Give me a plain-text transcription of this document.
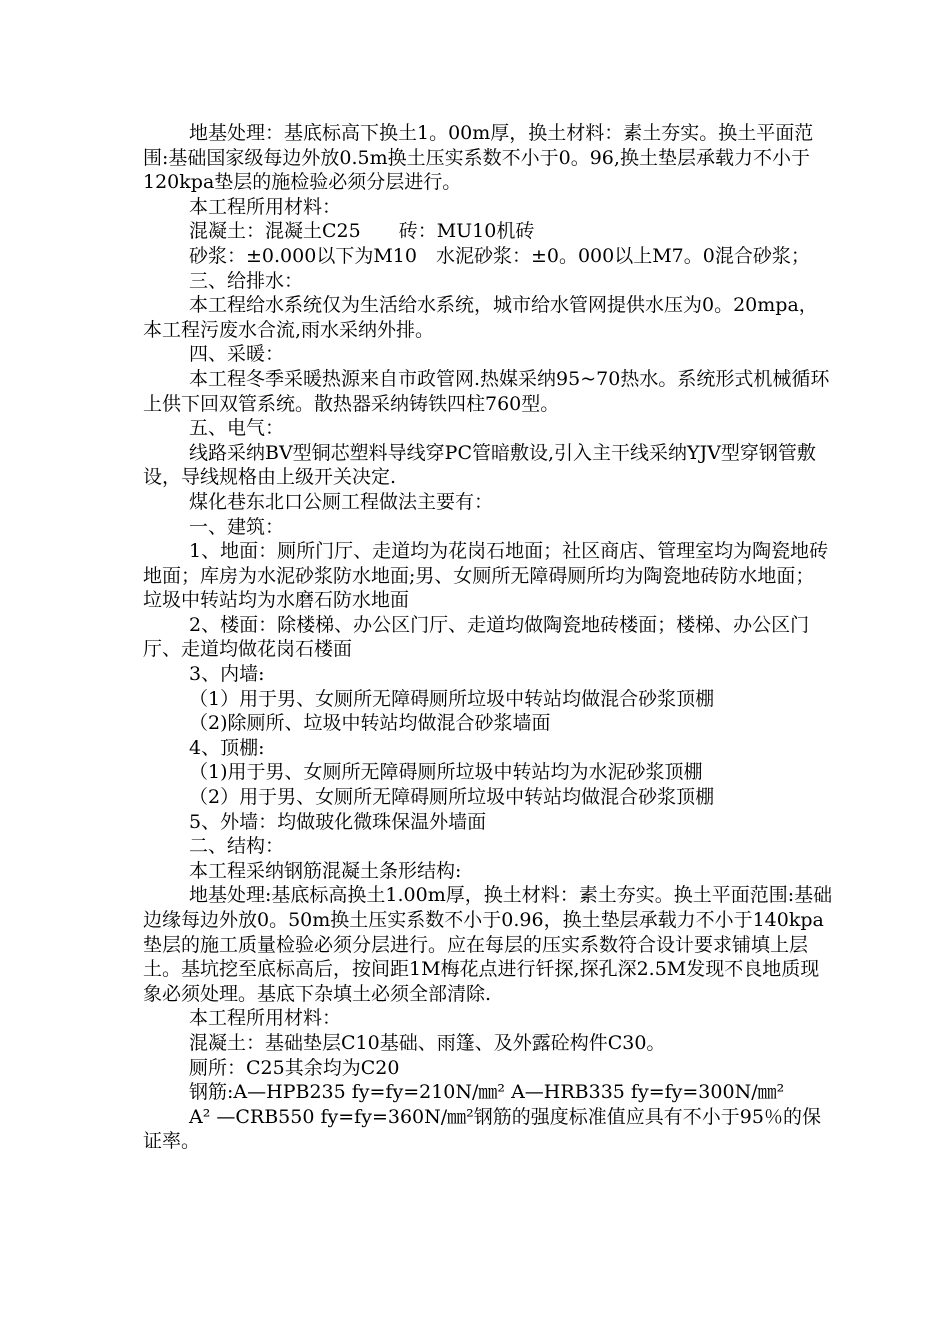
地基处理：基底标高下换土1。00m厚，换土材料：素土夯实。换土平面范围:基础国家级每边外放0.5m换土压实系数不小于0。96,换土垫层承载力不小于120kpa垫层的施检验必须分层进行。

本工程所用材料：

混凝土：混凝土C25　　砖：MU10机砖

砂浆：±0.000以下为M10　水泥砂浆：±0。000以上M7。0混合砂浆；

三、给排水：

本工程给水系统仅为生活给水系统，城市给水管网提供水压为0。20mpa，本工程污废水合流,雨水采纳外排。

四、采暖：

本工程冬季采暖热源来自市政管网.热媒采纳95~70热水。系统形式机械循环上供下回双管系统。散热器采纳铸铁四柱760型。

五、电气：

线路采纳BV型铜芯塑料导线穿PC管暗敷设,引入主干线采纳YJV型穿钢管敷设，导线规格由上级开关决定.

煤化巷东北口公厕工程做法主要有：

一、建筑：

1、地面：厕所门厅、走道均为花岗石地面；社区商店、管理室均为陶瓷地砖地面；库房为水泥砂浆防水地面;男、女厕所无障碍厕所均为陶瓷地砖防水地面；垃圾中转站均为水磨石防水地面

2、楼面：除楼梯、办公区门厅、走道均做陶瓷地砖楼面；楼梯、办公区门厅、走道均做花岗石楼面

3、内墙:

（1）用于男、女厕所无障碍厕所垃圾中转站均做混合砂浆顶棚

（2)除厕所、垃圾中转站均做混合砂浆墙面

4、顶棚:

（1)用于男、女厕所无障碍厕所垃圾中转站均为水泥砂浆顶棚

（2）用于男、女厕所无障碍厕所垃圾中转站均做混合砂浆顶棚

5、外墙：均做玻化微珠保温外墙面

二、结构：

本工程采纳钢筋混凝土条形结构:

地基处理:基底标高换土1.00m厚，换土材料：素土夯实。换土平面范围:基础边缘每边外放0。50m换土压实系数不小于0.96，换土垫层承载力不小于140kpa垫层的施工质量检验必须分层进行。应在每层的压实系数符合设计要求铺填上层土。基坑挖至底标高后，按间距1M梅花点进行钎探,探孔深2.5M发现不良地质现象必须处理。基底下杂填土必须全部清除.

本工程所用材料：

混凝土：基础垫层C10基础、雨篷、及外露砼构件C30。

厕所：C25其余均为C20

钢筋:A—HPB235 fy=fy=210N/㎜² A—HRB335 fy=fy=300N/㎜²

A² —CRB550 fy=fy=360N/㎜²钢筋的强度标准值应具有不小于95％的保证率。
